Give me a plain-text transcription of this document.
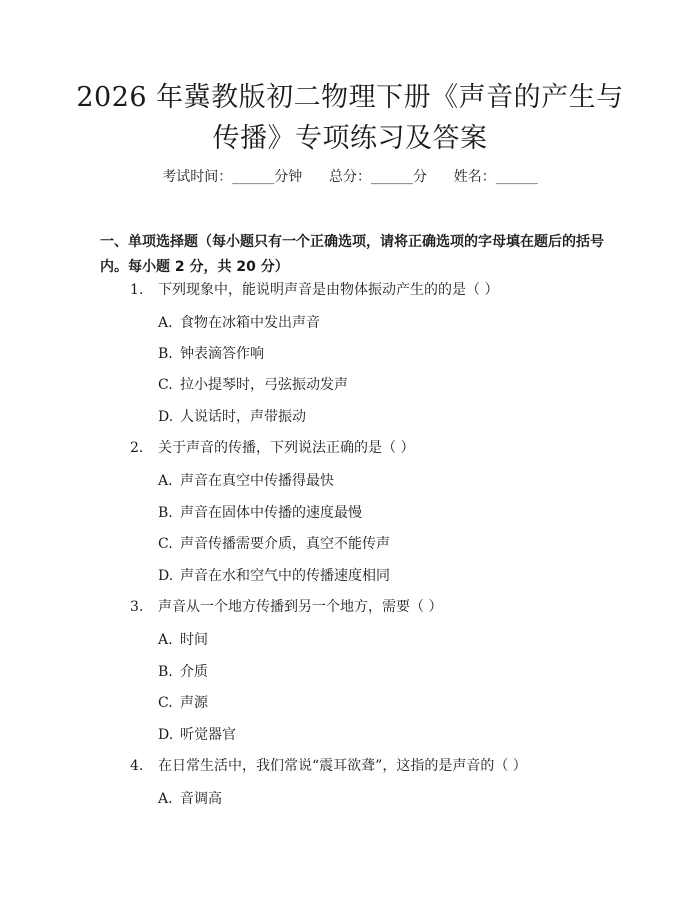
2026 年冀教版初二物理下册《声音的产生与
传播》专项练习及答案
考试时间：______分钟      总分：______分      姓名：______
一、单项选择题（每小题只有一个正确选项，请将正确选项的字母填在题后的括号内。每小题 2 分，共 20 分）
1. 下列现象中，能说明声音是由物体振动产生的的是（ ）
A. 食物在冰箱中发出声音
B. 钟表滴答作响
C. 拉小提琴时，弓弦振动发声
D. 人说话时，声带振动
2. 关于声音的传播，下列说法正确的是（ ）
A. 声音在真空中传播得最快
B. 声音在固体中传播的速度最慢
C. 声音传播需要介质，真空不能传声
D. 声音在水和空气中的传播速度相同
3. 声音从一个地方传播到另一个地方，需要（ ）
A. 时间
B. 介质
C. 声源
D. 听觉器官
4. 在日常生活中，我们常说“震耳欲聋”，这指的是声音的（ ）
A. 音调高
